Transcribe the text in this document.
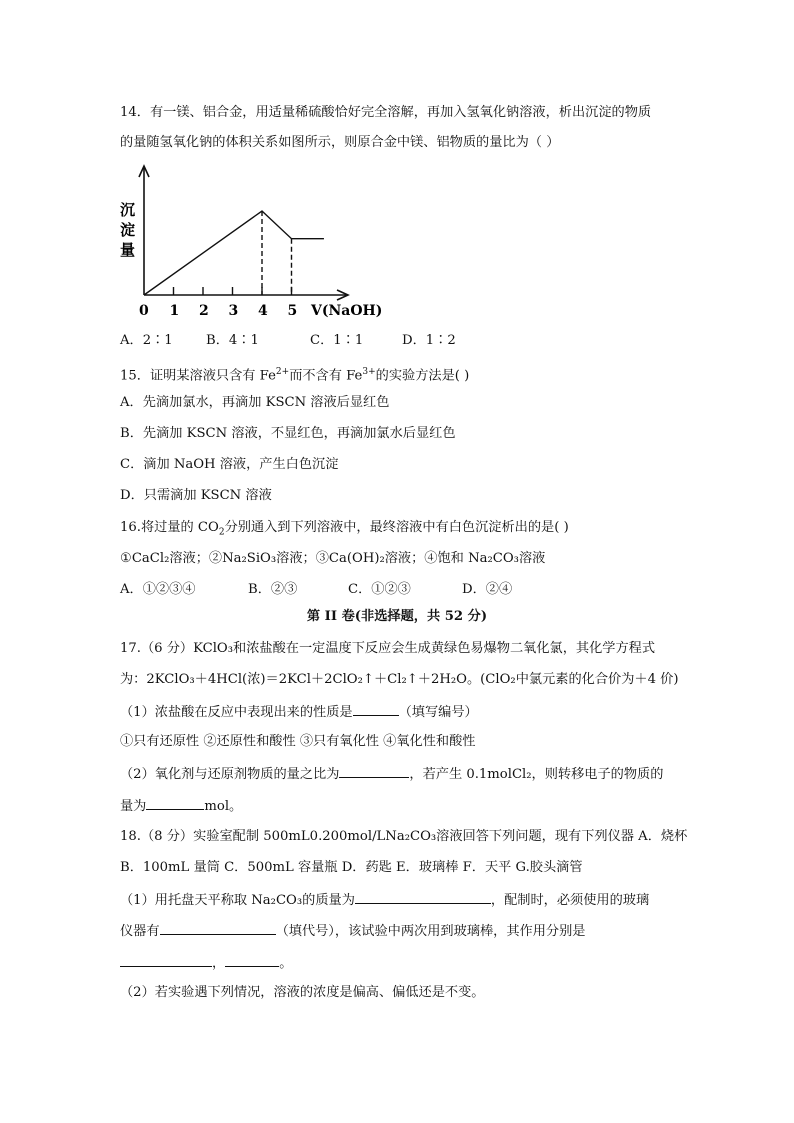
14．有一镁、铝合金，用适量稀硫酸恰好完全溶解，再加入氢氧化钠溶液，析出沉淀的物质
的量随氢氧化钠的体积关系如图所示，则原合金中镁、铝物质的量比为（ ）
沉
淀
量
1 2 3 4 5
0	V(NaOH)
A．2∶1	B．4∶1	C．1∶1	D．1∶2
15．证明某溶液只含有 $Fe^{2+}$而不含有 $Fe^{3+}$的实验方法是( )
A．先滴加氯水，再滴加 KSCN 溶液后显红色
B．先滴加 KSCN 溶液，不显红色，再滴加氯水后显红色
C．滴加 NaOH 溶液，产生白色沉淀
D．只需滴加 KSCN 溶液
16.将过量的 $CO_2$分别通入到下列溶液中，最终溶液中有白色沉淀析出的是( )
①CaCl₂溶液；②Na₂SiO₃溶液；③Ca(OH)₂溶液；④饱和 Na₂CO₃溶液
A．①②③④	B．②③	C．①②③	D．②④
第 II 卷(非选择题，共 52 分)
17.（6 分）KClO₃和浓盐酸在一定温度下反应会生成黄绿色易爆物二氧化氯，其化学方程式
为：2KClO₃＋4HCl(浓)＝2KCl＋2ClO₂↑＋Cl₂↑＋2H₂O。(ClO₂中氯元素的化合价为＋4 价)
（1）浓盐酸在反应中表现出来的性质是	（填写编号）
①只有还原性 ②还原性和酸性 ③只有氧化性 ④氧化性和酸性
（2）氧化剂与还原剂物质的量之比为	，若产生 0.1molCl₂，则转移电子的物质的
量为	mol。
18.（8 分）实验室配制 500mL0.200mol/LNa₂CO₃溶液回答下列问题，现有下列仪器 A．烧杯
B．100mL 量筒 C．500mL 容量瓶 D．药匙 E．玻璃棒 F．天平 G.胶头滴管
（1）用托盘天平称取 Na₂CO₃的质量为	，配制时，必须使用的玻璃
仪器有	（填代号），该试验中两次用到玻璃棒，其作用分别是
，	。
（2）若实验遇下列情况，溶液的浓度是偏高、偏低还是不变。
